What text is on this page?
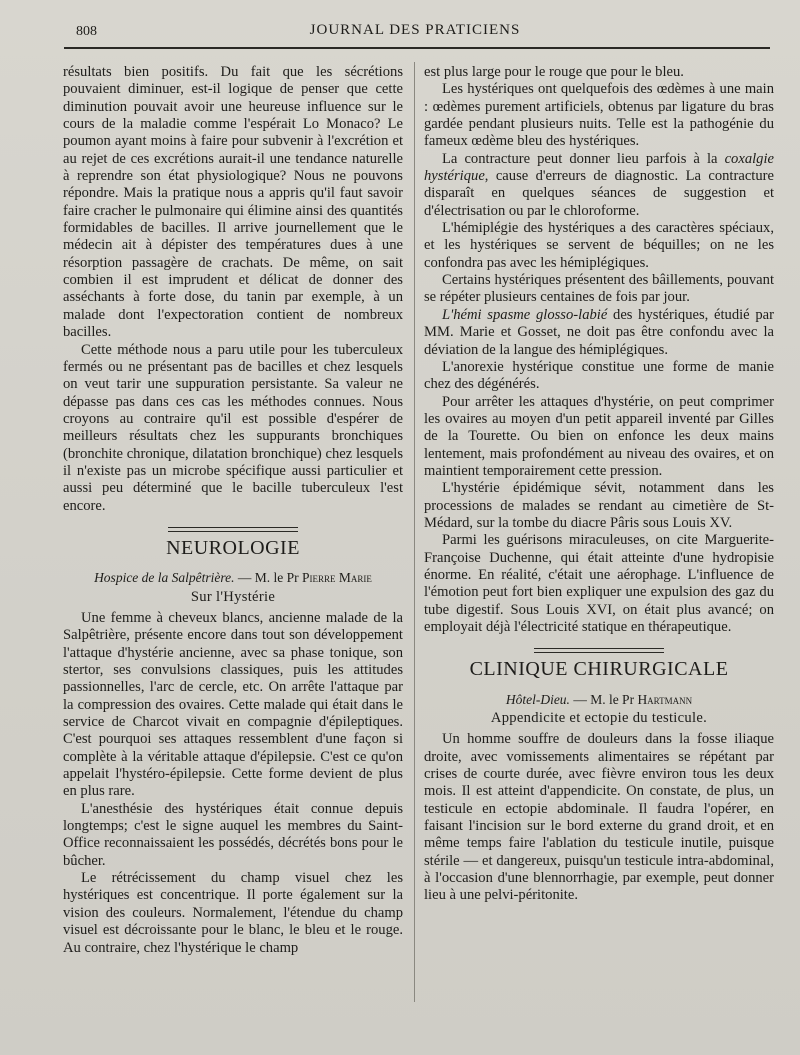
808	JOURNAL DES PRATICIENS

résultats bien positifs. Du fait que les sécrétions pouvaient diminuer, est-il logique de penser que cette diminution pouvait avoir une heureuse influence sur le cours de la maladie comme l'espérait Lo Monaco? Le poumon ayant moins à faire pour subvenir à l'excrétion et au rejet de ces excrétions aurait-il une tendance naturelle à reprendre son état physiologique? Nous ne pouvons répondre. Mais la pratique nous a appris qu'il faut savoir faire cracher le pulmonaire qui élimine ainsi des quantités formidables de bacilles. Il arrive journellement que le médecin ait à dépister des températures dues à une résorption passagère de crachats. De même, on sait combien il est imprudent et délicat de donner des asséchants à forte dose, du tanin par exemple, à un malade dont l'expectoration contient de nombreux bacilles.

Cette méthode nous a paru utile pour les tuberculeux fermés ou ne présentant pas de bacilles et chez lesquels on veut tarir une suppuration persistante. Sa valeur ne dépasse pas dans ces cas les méthodes connues. Nous croyons au contraire qu'il est possible d'espérer de meilleurs résultats chez les suppurants bronchiques (bronchite chronique, dilatation bronchique) chez lesquels il n'existe pas un microbe spécifique aussi particulier et aussi peu déterminé que le bacille tuberculeux l'est encore.

NEUROLOGIE
Hospice de la Salpêtrière. — M. le Pr Pierre Marie
Sur l'Hystérie

Une femme à cheveux blancs, ancienne malade de la Salpêtrière, présente encore dans tout son développement l'attaque d'hystérie ancienne, avec sa phase tonique, son stertor, ses convulsions classiques, puis les attitudes passionnelles, l'arc de cercle, etc. On arrête l'attaque par la compression des ovaires. Cette malade qui était dans le service de Charcot vivait en compagnie d'épileptiques. C'est pourquoi ses attaques ressemblent d'une façon si complète à la véritable attaque d'épilepsie. C'est ce qu'on appelait l'hystéro-épilepsie. Cette forme devient de plus en plus rare.

L'anesthésie des hystériques était connue depuis longtemps; c'est le signe auquel les membres du Saint-Office reconnaissaient les possédés, décrétés bons pour le bûcher.

Le rétrécissement du champ visuel chez les hystériques est concentrique. Il porte également sur la vision des couleurs. Normalement, l'étendue du champ visuel est décroissante pour le blanc, le bleu et le rouge. Au contraire, chez l'hystérique le champ

est plus large pour le rouge que pour le bleu.

Les hystériques ont quelquefois des œdèmes à une main : œdèmes purement artificiels, obtenus par ligature du bras gardée pendant plusieurs nuits. Telle est la pathogénie du fameux œdème bleu des hystériques.

La contracture peut donner lieu parfois à la coxalgie hystérique, cause d'erreurs de diagnostic. La contracture disparaît en quelques séances de suggestion et d'électrisation ou par le chloroforme.

L'hémiplégie des hystériques a des caractères spéciaux, et les hystériques se servent de béquilles; on ne les confondra pas avec les hémiplégiques.

Certains hystériques présentent des bâillements, pouvant se répéter plusieurs centaines de fois par jour.

L'hémi spasme glosso-labié des hystériques, étudié par MM. Marie et Gosset, ne doit pas être confondu avec la déviation de la langue des hémiplégiques.

L'anorexie hystérique constitue une forme de manie chez des dégénérés.

Pour arrêter les attaques d'hystérie, on peut comprimer les ovaires au moyen d'un petit appareil inventé par Gilles de la Tourette. Ou bien on enfonce les deux mains lentement, mais profondément au niveau des ovaires, et on maintient temporairement cette pression.

L'hystérie épidémique sévit, notamment dans les processions de malades se rendant au cimetière de St-Médard, sur la tombe du diacre Pâris sous Louis XV.

Parmi les guérisons miraculeuses, on cite Marguerite-Françoise Duchenne, qui était atteinte d'une hydropisie énorme. En réalité, c'était une aérophage. L'influence de l'émotion peut fort bien expliquer une expulsion des gaz du tube digestif. Sous Louis XVI, on était plus avancé; on employait déjà l'électricité statique en thérapeutique.

CLINIQUE CHIRURGICALE
Hôtel-Dieu. — M. le Pr Hartmann
Appendicite et ectopie du testicule.

Un homme souffre de douleurs dans la fosse iliaque droite, avec vomissements alimentaires se répétant par crises de courte durée, avec fièvre environ tous les deux mois. Il est atteint d'appendicite. On constate, de plus, un testicule en ectopie abdominale. Il faudra l'opérer, en faisant l'incision sur le bord externe du grand droit, et en même temps faire l'ablation du testicule inutile, puisque stérile — et dangereux, puisqu'un testicule intra-abdominal, à l'occasion d'une blennorrhagie, par exemple, peut donner lieu à une pelvi-péritonite.
